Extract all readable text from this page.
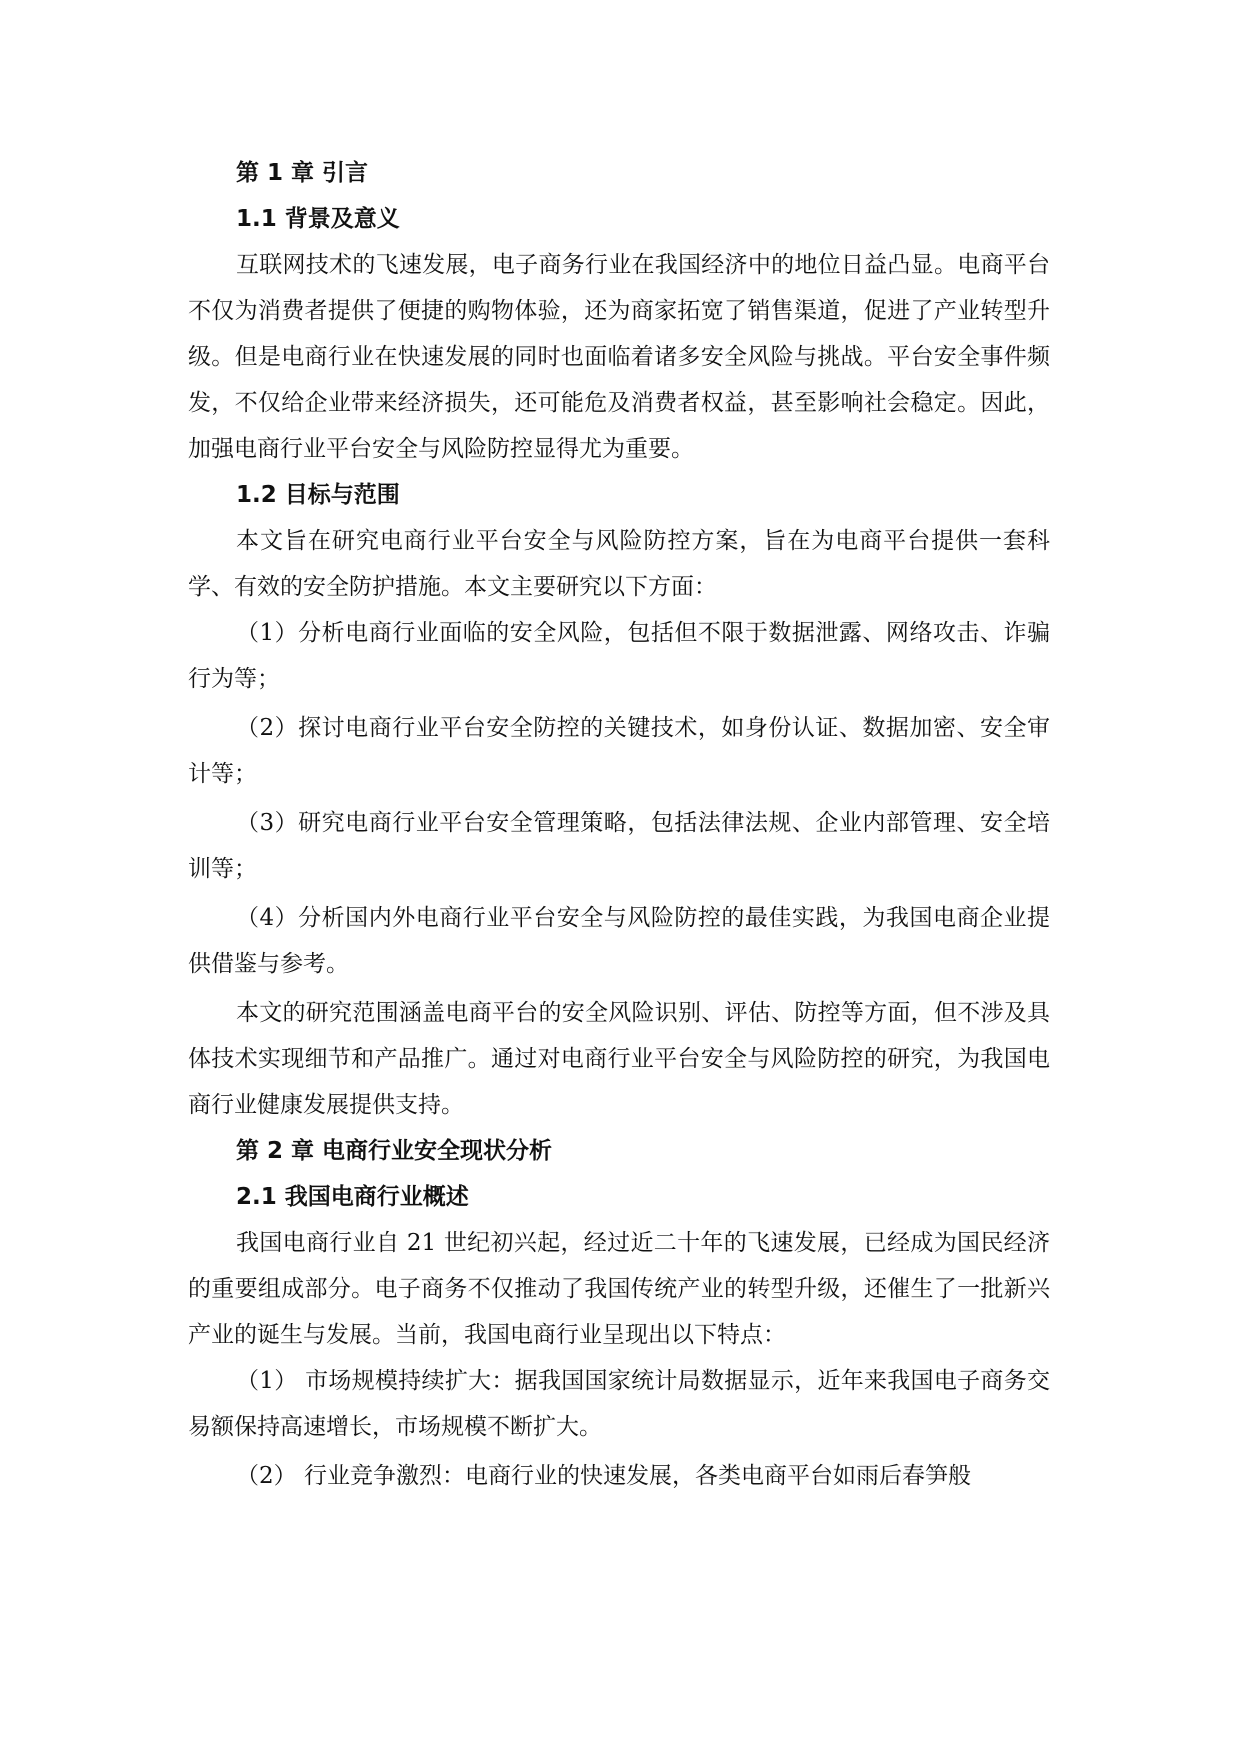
第 1 章 引言
1.1 背景及意义

互联网技术的飞速发展，电子商务行业在我国经济中的地位日益凸显。电商平台不仅为消费者提供了便捷的购物体验，还为商家拓宽了销售渠道，促进了产业转型升级。但是电商行业在快速发展的同时也面临着诸多安全风险与挑战。平台安全事件频发，不仅给企业带来经济损失，还可能危及消费者权益，甚至影响社会稳定。因此，加强电商行业平台安全与风险防控显得尤为重要。

1.2 目标与范围

本文旨在研究电商行业平台安全与风险防控方案，旨在为电商平台提供一套科学、有效的安全防护措施。本文主要研究以下方面：

（1）分析电商行业面临的安全风险，包括但不限于数据泄露、网络攻击、诈骗行为等；

（2）探讨电商行业平台安全防控的关键技术，如身份认证、数据加密、安全审计等；

（3）研究电商行业平台安全管理策略，包括法律法规、企业内部管理、安全培训等；

（4）分析国内外电商行业平台安全与风险防控的最佳实践，为我国电商企业提供借鉴与参考。

本文的研究范围涵盖电商平台的安全风险识别、评估、防控等方面，但不涉及具体技术实现细节和产品推广。通过对电商行业平台安全与风险防控的研究，为我国电商行业健康发展提供支持。

第 2 章 电商行业安全现状分析
2.1 我国电商行业概述

我国电商行业自 21 世纪初兴起，经过近二十年的飞速发展，已经成为国民经济的重要组成部分。电子商务不仅推动了我国传统产业的转型升级，还催生了一批新兴产业的诞生与发展。当前，我国电商行业呈现出以下特点：

（1） 市场规模持续扩大：据我国国家统计局数据显示，近年来我国电子商务交易额保持高速增长，市场规模不断扩大。

（2） 行业竞争激烈：电商行业的快速发展，各类电商平台如雨后春笋般
